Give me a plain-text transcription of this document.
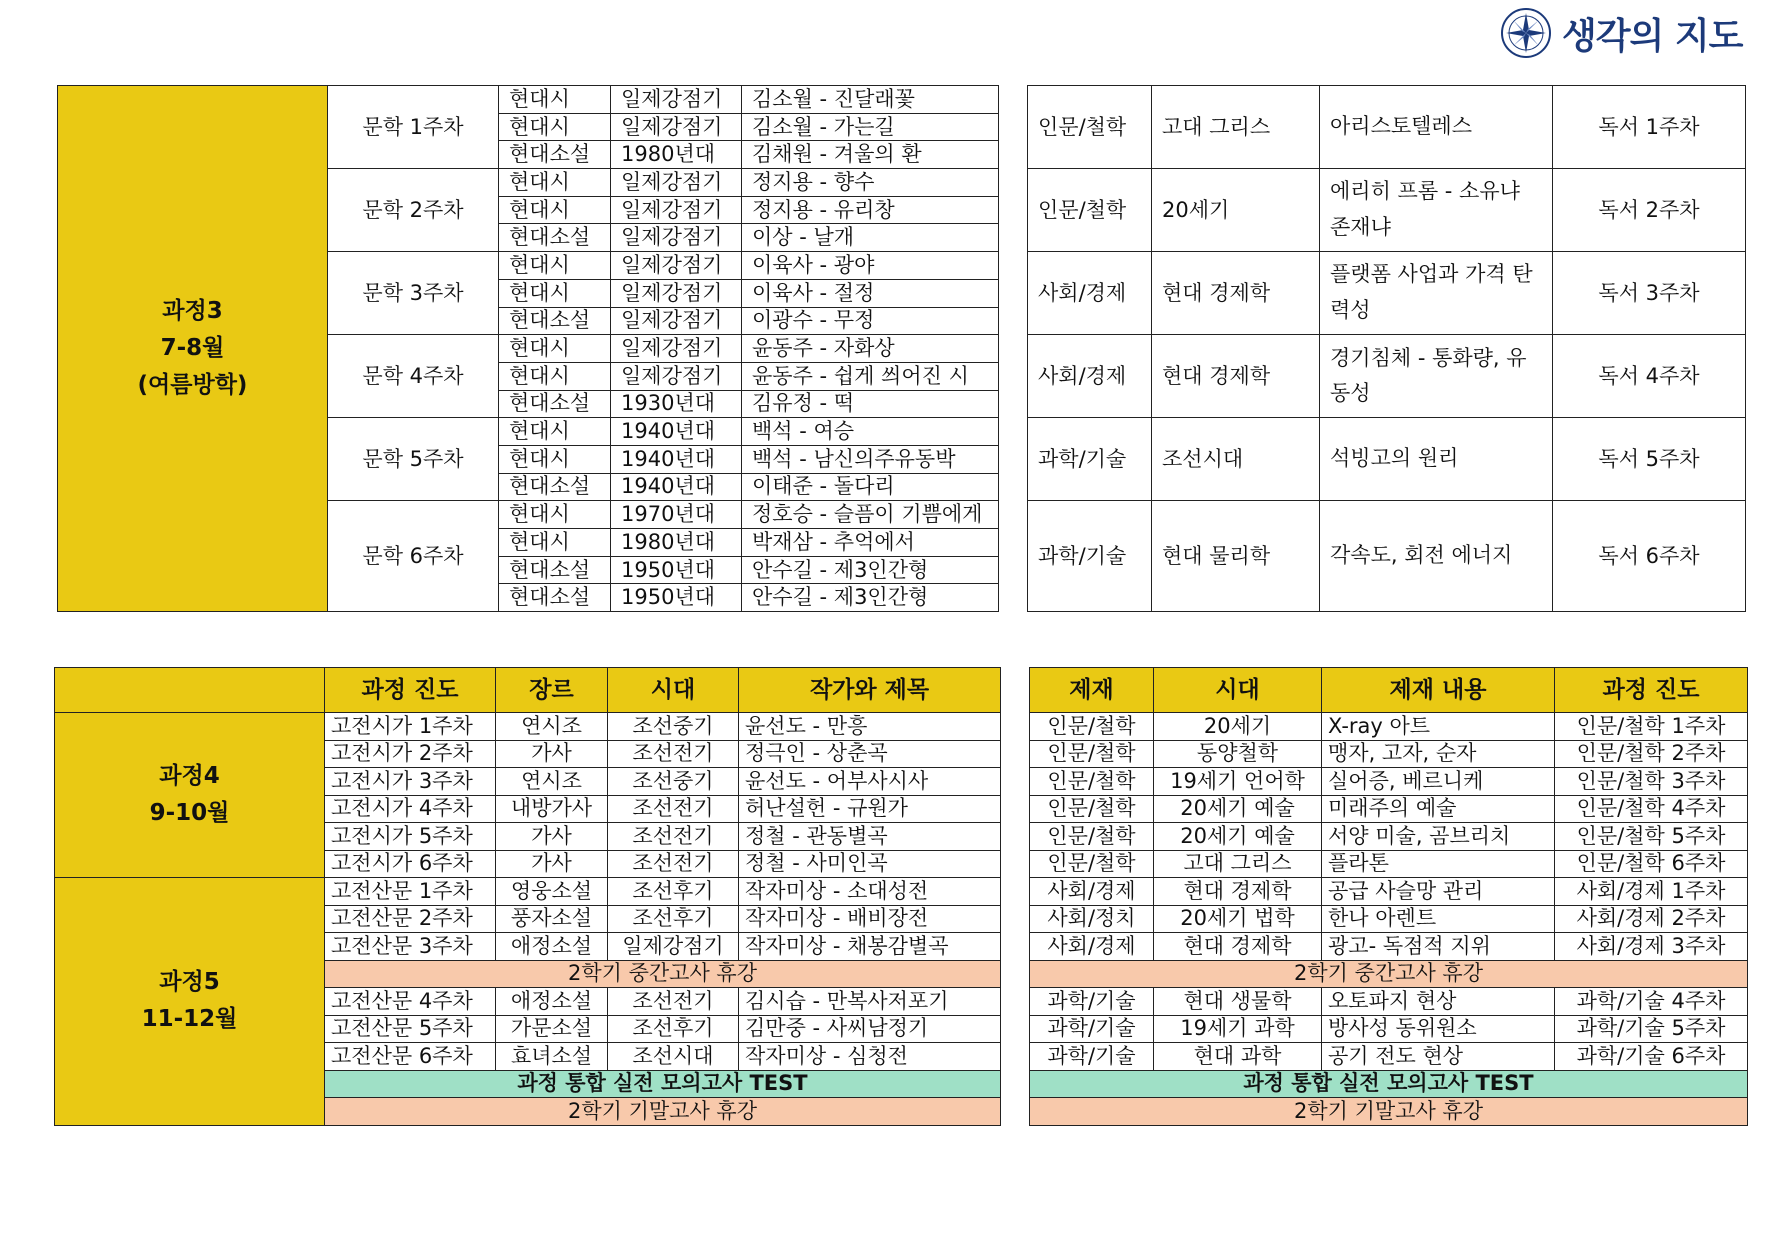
생각의 지도
과정3
7-8월
(여름방학)	문학 1주차	현대시	일제강점기	김소월 - 진달래꽃		인문/철학	고대 그리스	아리스토텔레스	독서 1주차
		현대시	일제강점기	김소월 - 가는길					
		현대소설	1980년대	김채원 - 겨울의 환					
	문학 2주차	현대시	일제강점기	정지용 - 향수		인문/철학	20세기	에리히 프롬 - 소유냐 존재냐	독서 2주차
		현대시	일제강점기	정지용 - 유리창					
		현대소설	일제강점기	이상 - 날개					
	문학 3주차	현대시	일제강점기	이육사 - 광야		사회/경제	현대 경제학	플랫폼 사업과 가격 탄력성	독서 3주차
		현대시	일제강점기	이육사 - 절정					
		현대소설	일제강점기	이광수 - 무정					
	문학 4주차	현대시	일제강점기	윤동주 - 자화상		사회/경제	현대 경제학	경기침체 - 통화량, 유동성	독서 4주차
		현대시	일제강점기	윤동주 - 쉽게 씌어진 시					
		현대소설	1930년대	김유정 - 떡					
	문학 5주차	현대시	1940년대	백석 - 여승		과학/기술	조선시대	석빙고의 원리	독서 5주차
		현대시	1940년대	백석 - 남신의주유동박					
		현대소설	1940년대	이태준 - 돌다리					
	문학 6주차	현대시	1970년대	정호승 - 슬픔이 기쁨에게		과학/기술	현대 물리학	각속도, 회전 에너지	독서 6주차
		현대시	1980년대	박재삼 - 추억에서					
		현대소설	1950년대	안수길 - 제3인간형					
		현대소설	1950년대	안수길 - 제3인간형					
	과정 진도	장르	시대	작가와 제목		제재	시대	제재 내용	과정 진도

과정4
9-10월	고전시가 1주차	연시조	조선중기	윤선도 - 만흥		인문/철학	20세기	X-ray 아트	인문/철학 1주차
	고전시가 2주차	가사	조선전기	정극인 - 상춘곡		인문/철학	동양철학	맹자, 고자, 순자	인문/철학 2주차
	고전시가 3주차	연시조	조선중기	윤선도 - 어부사시사		인문/철학	19세기 언어학	실어증, 베르니케	인문/철학 3주차
	고전시가 4주차	내방가사	조선전기	허난설헌 - 규원가		인문/철학	20세기 예술	미래주의 예술	인문/철학 4주차
	고전시가 5주차	가사	조선전기	정철 - 관동별곡		인문/철학	20세기 예술	서양 미술, 곰브리치	인문/철학 5주차
	고전시가 6주차	가사	조선전기	정철 - 사미인곡		인문/철학	고대 그리스	플라톤	인문/철학 6주차

과정5
11-12월	고전산문 1주차	영웅소설	조선후기	작자미상 - 소대성전		사회/경제	현대 경제학	공급 사슬망 관리	사회/경제 1주차
	고전산문 2주차	풍자소설	조선후기	작자미상 - 배비장전		사회/정치	20세기 법학	한나 아렌트	사회/경제 2주차
	고전산문 3주차	애정소설	일제강점기	작자미상 - 채봉감별곡		사회/경제	현대 경제학	광고- 독점적 지위	사회/경제 3주차
	2학기 중간고사 휴강					2학기 중간고사 휴강			
	고전산문 4주차	애정소설	조선전기	김시습 - 만복사저포기		과학/기술	현대 생물학	오토파지 현상	과학/기술 4주차
	고전산문 5주차	가문소설	조선후기	김만중 - 사씨남정기		과학/기술	19세기 과학	방사성 동위원소	과학/기술 5주차
	고전산문 6주차	효녀소설	조선시대	작자미상 - 심청전		과학/기술	현대 과학	공기 전도 현상	과학/기술 6주차
	과정 통합 실전 모의고사 TEST					과정 통합 실전 모의고사 TEST			
	2학기 기말고사 휴강					2학기 기말고사 휴강			
